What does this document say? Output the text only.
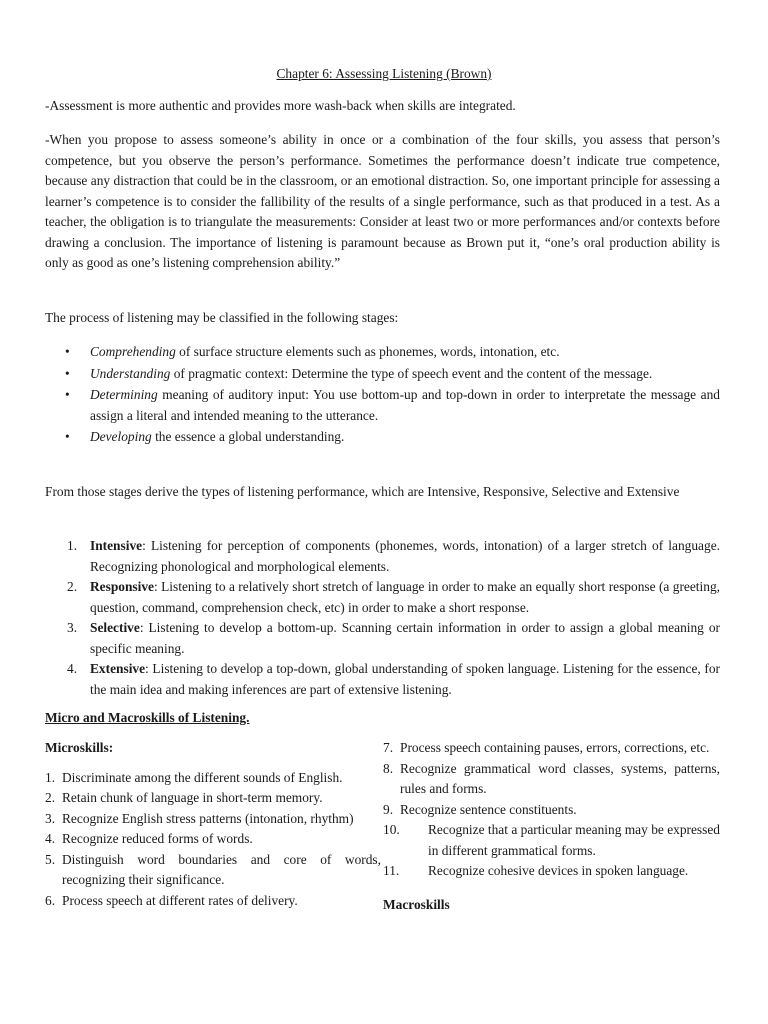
Chapter 6: Assessing Listening (Brown)

-Assessment is more authentic and provides more wash-back when skills are integrated.

-When you propose to assess someone’s ability in once or a combination of the four skills, you assess that person’s competence, but you observe the person’s performance. Sometimes the performance doesn’t indicate true competence, because any distraction that could be in the classroom, or an emotional distraction. So, one important principle for assessing a learner’s competence is to consider the fallibility of the results of a single performance, such as that produced in a test. As a teacher, the obligation is to triangulate the measurements: Consider at least two or more performances and/or contexts before drawing a conclusion. The importance of listening is paramount because as Brown put it, “one’s oral production ability is only as good as one’s listening comprehension ability.”

The process of listening may be classified in the following stages:

• Comprehending of surface structure elements such as phonemes, words, intonation, etc.
• Understanding of pragmatic context: Determine the type of speech event and the content of the message.
• Determining meaning of auditory input: You use bottom-up and top-down in order to interpretate the message and assign a literal and intended meaning to the utterance.
• Developing the essence a global understanding.

From those stages derive the types of listening performance, which are Intensive, Responsive, Selective and Extensive

1. Intensive: Listening for perception of components (phonemes, words, intonation) of a larger stretch of language. Recognizing phonological and morphological elements.
2. Responsive: Listening to a relatively short stretch of language in order to make an equally short response (a greeting, question, command, comprehension check, etc) in order to make a short response.
3. Selective: Listening to develop a bottom-up. Scanning certain information in order to assign a global meaning or specific meaning.
4. Extensive: Listening to develop a top-down, global understanding of spoken language. Listening for the essence, for the main idea and making inferences are part of extensive listening.
Micro and Macroskills of Listening.
Microskills:
1. Discriminate among the different sounds of English.
2. Retain chunk of language in short-term memory.
3. Recognize English stress patterns (intonation, rhythm)
4. Recognize reduced forms of words.
5. Distinguish word boundaries and core of words, recognizing their significance.
6. Process speech at different rates of delivery.
7. Process speech containing pauses, errors, corrections, etc.
8. Recognize grammatical word classes, systems, patterns, rules and forms.
9. Recognize sentence constituents.
10. Recognize that a particular meaning may be expressed in different grammatical forms.
11. Recognize cohesive devices in spoken language.
Macroskills
